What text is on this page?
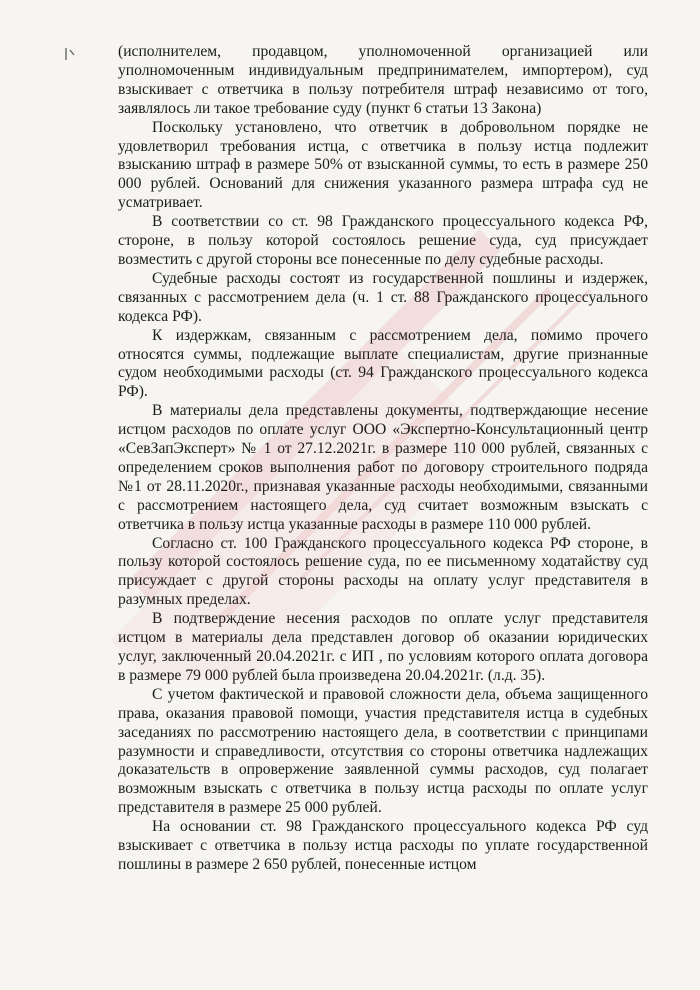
(исполнителем, продавцом, уполномоченной организацией или уполномоченным индивидуальным предпринимателем, импортером), суд взыскивает с ответчика в пользу потребителя штраф независимо от того, заявлялось ли такое требование суду (пункт 6 статьи 13 Закона)

Поскольку установлено, что ответчик в добровольном порядке не удовлетворил требования истца, с ответчика в пользу истца подлежит взысканию штраф в размере 50% от взысканной суммы, то есть в размере 250 000 рублей. Оснований для снижения указанного размера штрафа суд не усматривает.

В соответствии со ст. 98 Гражданского процессуального кодекса РФ, стороне, в пользу которой состоялось решение суда, суд присуждает возместить с другой стороны все понесенные по делу судебные расходы.

Судебные расходы состоят из государственной пошлины и издержек, связанных с рассмотрением дела (ч. 1 ст. 88 Гражданского процессуального кодекса РФ).

К издержкам, связанным с рассмотрением дела, помимо прочего относятся суммы, подлежащие выплате специалистам, другие признанные судом необходимыми расходы (ст. 94 Гражданского процессуального кодекса РФ).

В материалы дела представлены документы, подтверждающие несение истцом расходов по оплате услуг ООО «Экспертно-Консультационный центр «СевЗапЭксперт» № 1 от 27.12.2021г. в размере 110 000 рублей, связанных с определением сроков выполнения работ по договору строительного подряда №1 от 28.11.2020г., признавая указанные расходы необходимыми, связанными с рассмотрением настоящего дела, суд считает возможным взыскать с ответчика в пользу истца указанные расходы в размере 110 000 рублей.

Согласно ст. 100 Гражданского процессуального кодекса РФ стороне, в пользу которой состоялось решение суда, по ее письменному ходатайству суд присуждает с другой стороны расходы на оплату услуг представителя в разумных пределах.

В подтверждение несения расходов по оплате услуг представителя истцом в материалы дела представлен договор об оказании юридических услуг, заключенный 20.04.2021г. с ИП , по условиям которого оплата договора в размере 79 000 рублей была произведена 20.04.2021г. (л.д. 35).

С учетом фактической и правовой сложности дела, объема защищенного права, оказания правовой помощи, участия представителя истца в судебных заседаниях по рассмотрению настоящего дела, в соответствии с принципами разумности и справедливости, отсутствия со стороны ответчика надлежащих доказательств в опровержение заявленной суммы расходов, суд полагает возможным взыскать с ответчика в пользу истца расходы по оплате услуг представителя в размере 25 000 рублей.

На основании ст. 98 Гражданского процессуального кодекса РФ суд взыскивает с ответчика в пользу истца расходы по уплате государственной пошлины в размере 2 650 рублей, понесенные истцом
